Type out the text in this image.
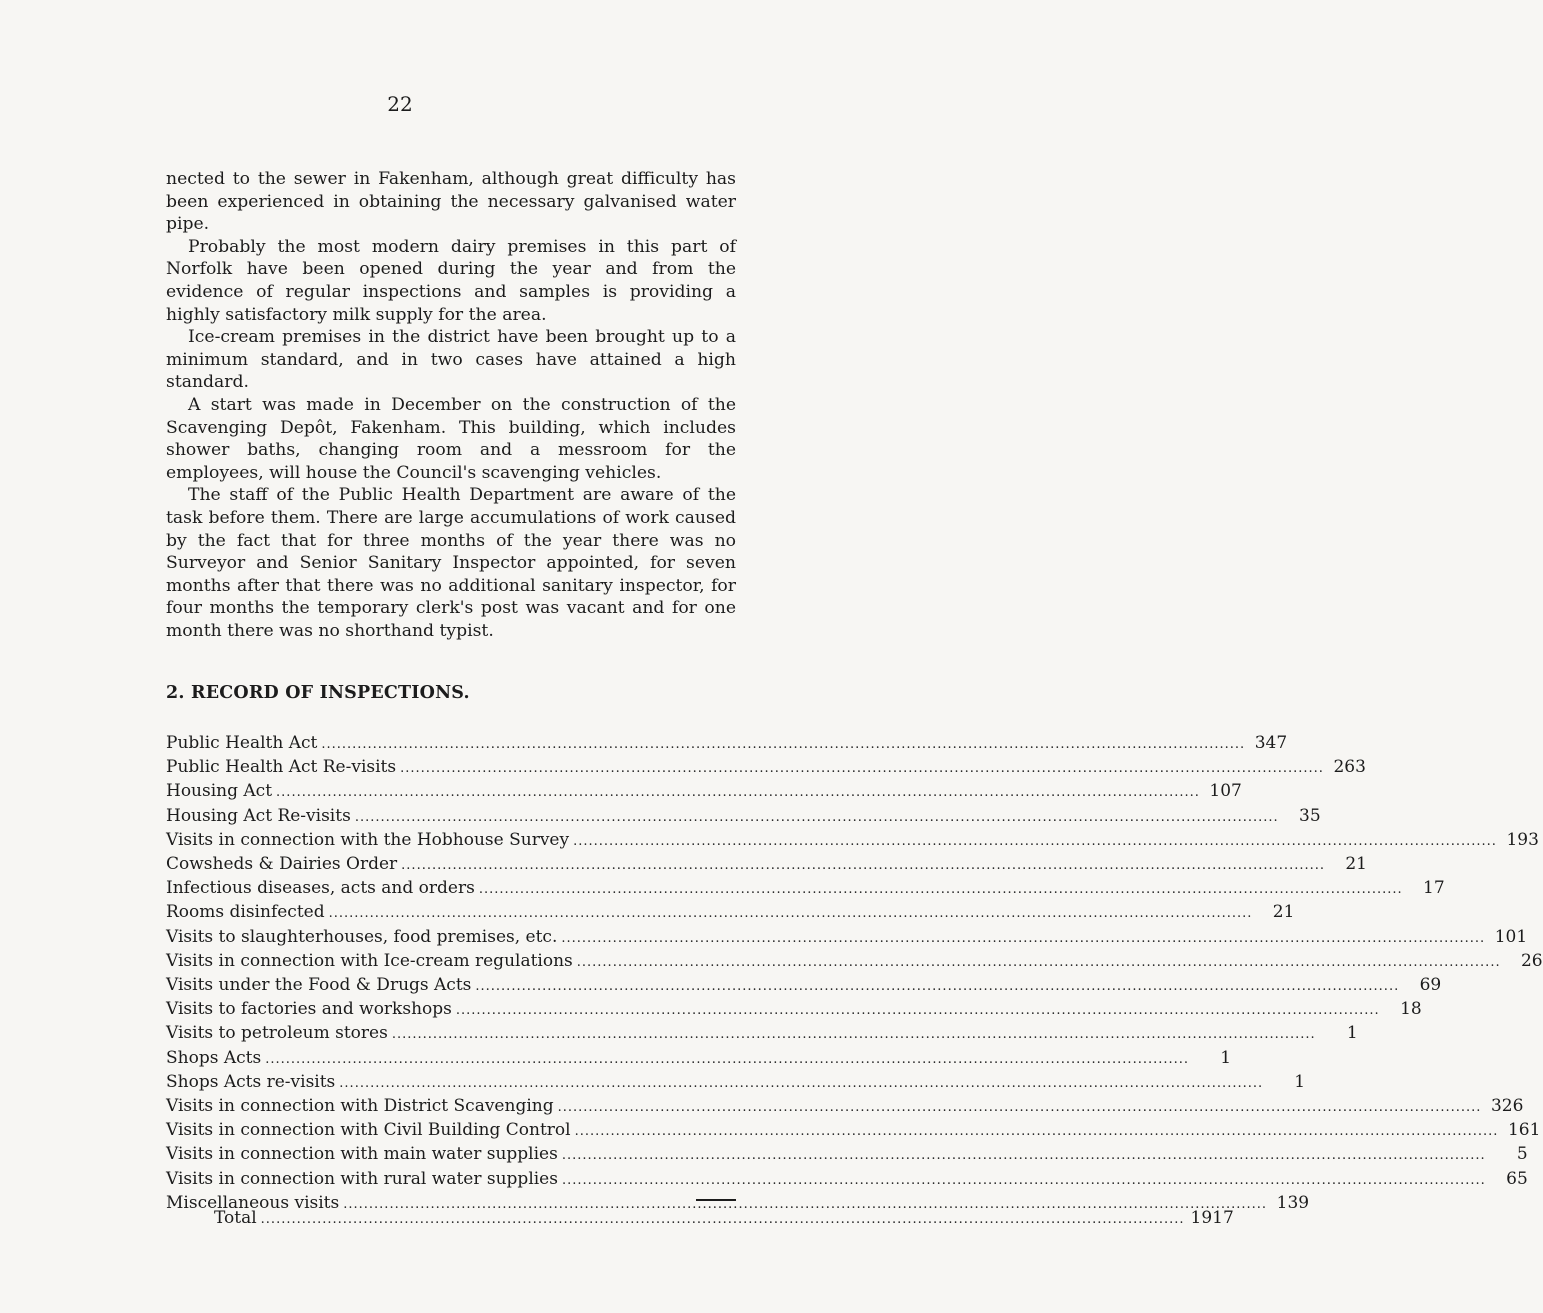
22

nected to the sewer in Fakenham, although great difficulty has been experienced in obtaining the necessary galvanised water pipe.

Probably the most modern dairy premises in this part of Norfolk have been opened during the year and from the evidence of regular inspections and samples is providing a highly satisfactory milk supply for the area.

Ice-cream premises in the district have been brought up to a minimum standard, and in two cases have attained a high standard.

A start was made in December on the construction of the Scavenging Depôt, Fakenham. This building, which includes shower baths, changing room and a messroom for the employees, will house the Council's scavenging vehicles.

The staff of the Public Health Department are aware of the task before them. There are large accumulations of work caused by the fact that for three months of the year there was no Surveyor and Senior Sanitary Inspector appointed, for seven months after that there was no additional sanitary inspector, for four months the temporary clerk's post was vacant and for one month there was no shorthand typist.

2. RECORD OF INSPECTIONS.
Public Health Act .....	347
Public Health Act Re-visits .....	263
Housing Act .....	107
Housing Act Re-visits .....	35
Visits in connection with the Hobhouse Survey .....	193
Cowsheds & Dairies Order .....	21
Infectious diseases, acts and orders .....	17
Rooms disinfected .....	21
Visits to slaughterhouses, food premises, etc. .....	101
Visits in connection with Ice-cream regulations .....	26
Visits under the Food & Drugs Acts .....	69
Visits to factories and workshops .....	18
Visits to petroleum stores .....	1
Shops Acts .....	1
Shops Acts re-visits .....	1
Visits in connection with District Scavenging .....	326
Visits in connection with Civil Building Control .....	161
Visits in connection with main water supplies .....	5
Visits in connection with rural water supplies .....	65
Miscellaneous visits .....	139
Total .....	1917
